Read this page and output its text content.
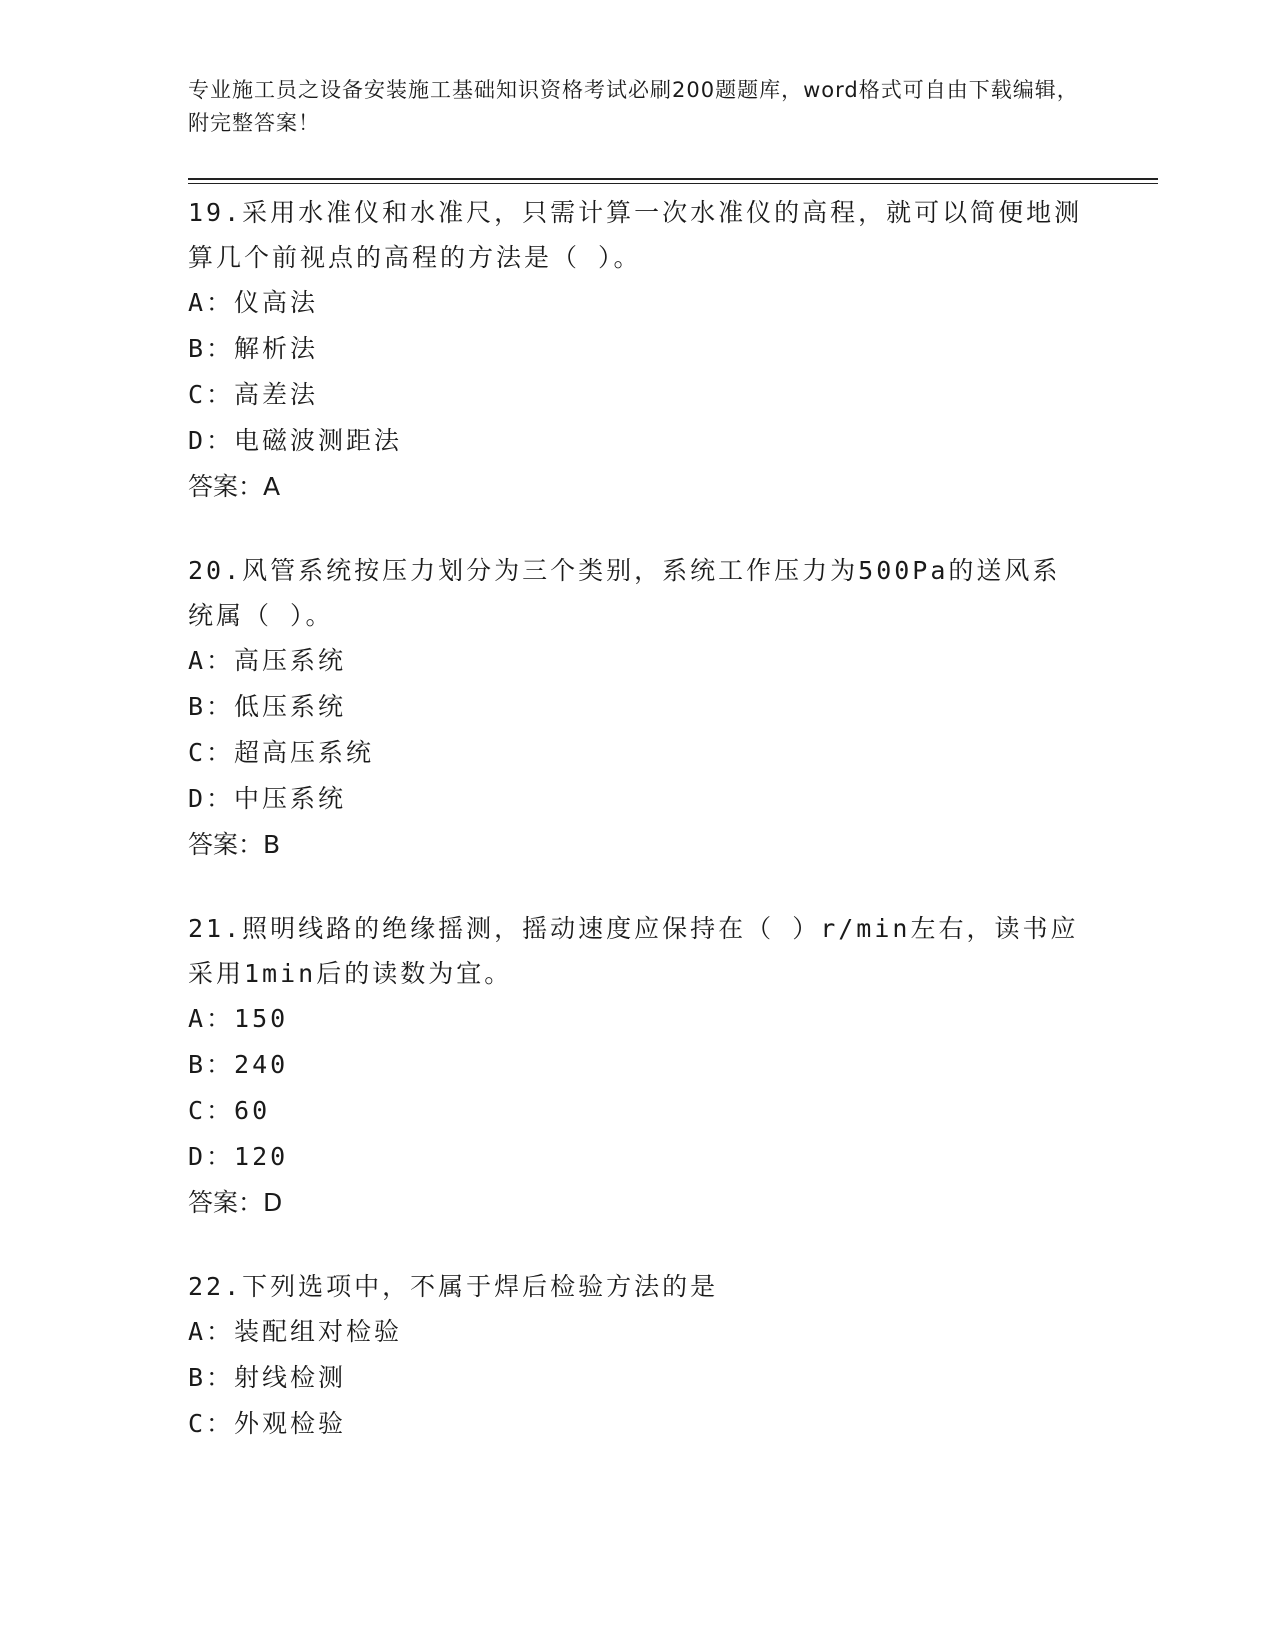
专业施工员之设备安装施工基础知识资格考试必刷200题题库，word格式可自由下载编辑，附完整答案！

19.采用水准仪和水准尺，只需计算一次水准仪的高程，就可以简便地测算几个前视点的高程的方法是（ ）。

A：仪高法
B：解析法
C：高差法
D：电磁波测距法
答案：A

20.风管系统按压力划分为三个类别，系统工作压力为500Pa的送风系统属（ ）。

A：高压系统
B：低压系统
C：超高压系统
D：中压系统
答案：B

21.照明线路的绝缘摇测，摇动速度应保持在（ ）r/min左右，读书应采用1min后的读数为宜。

A：150
B：240
C：60
D：120
答案：D

22.下列选项中，不属于焊后检验方法的是

A：装配组对检验
B：射线检测
C：外观检验
